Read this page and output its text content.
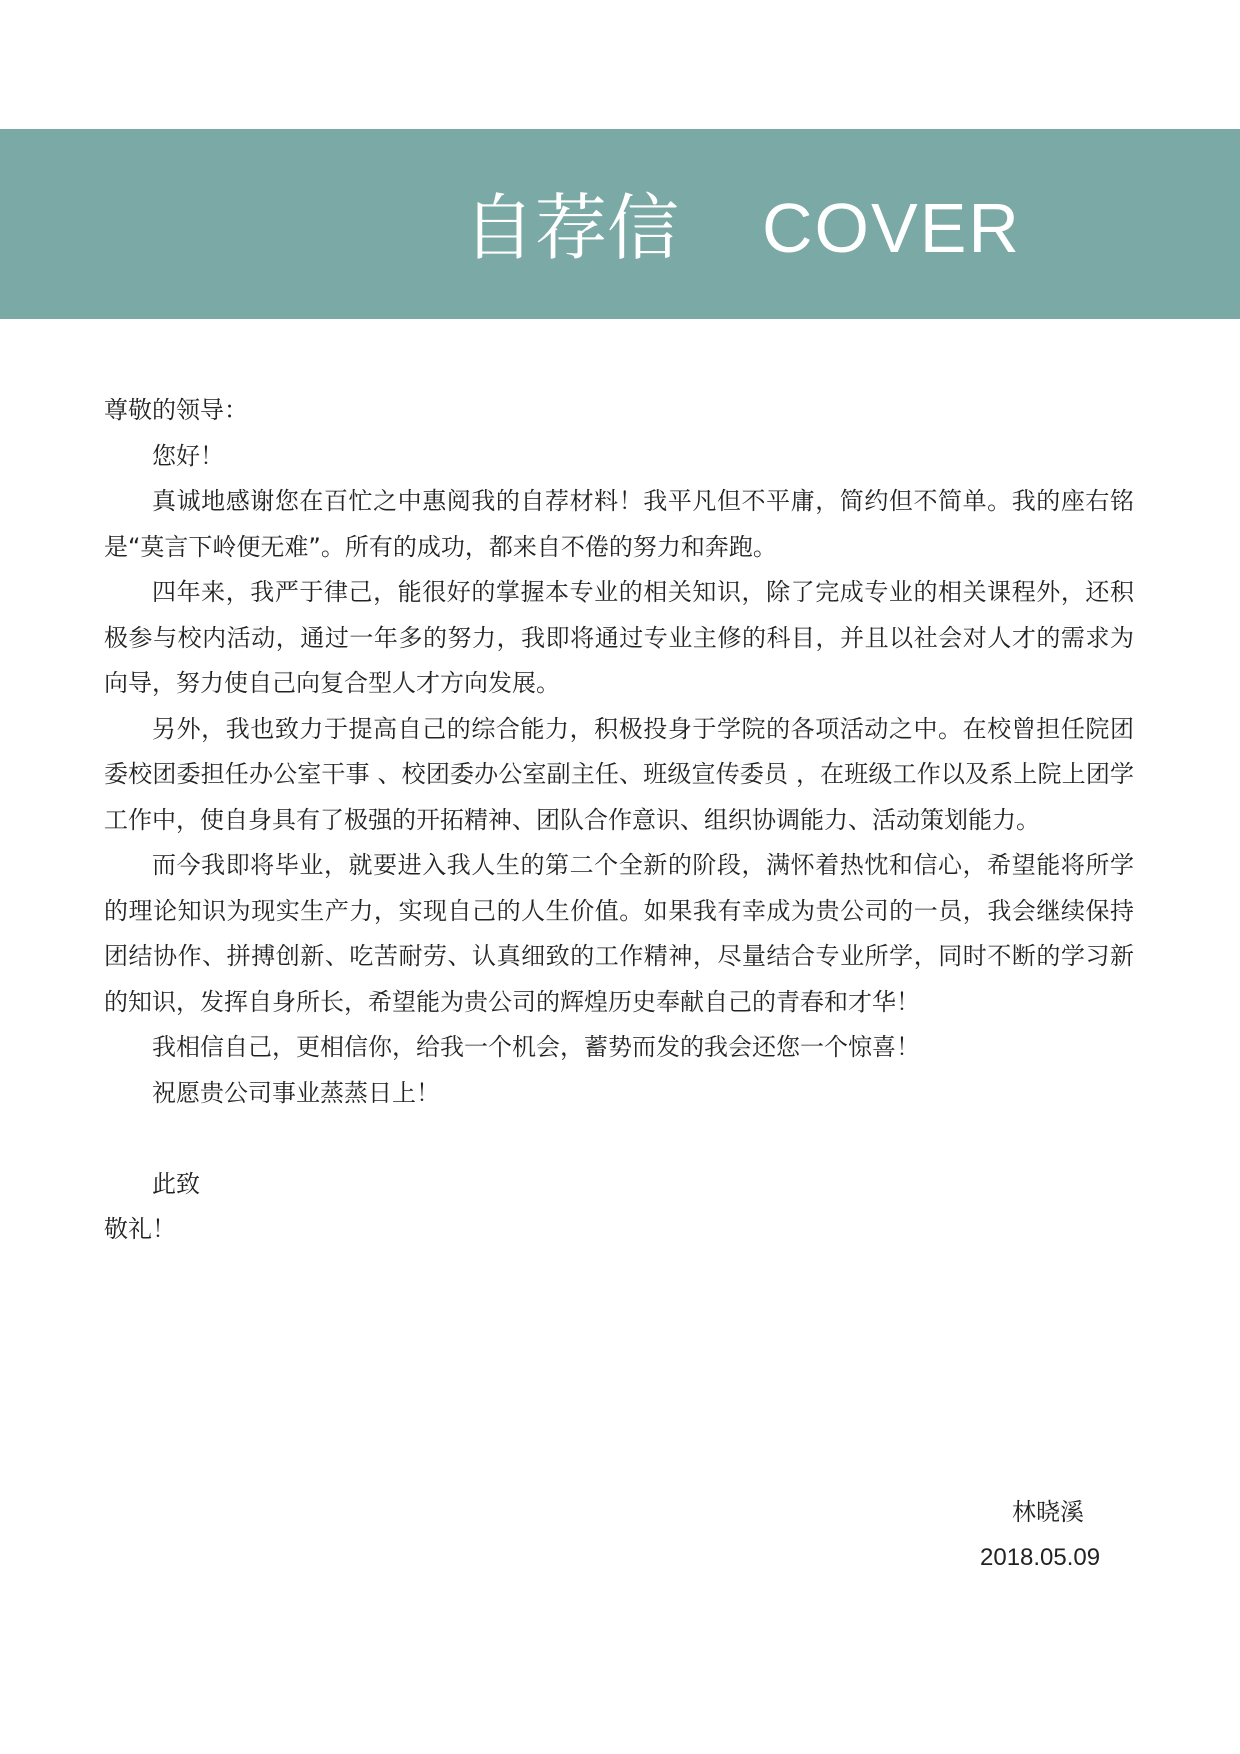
自荐信 COVER

尊敬的领导：

您好！

真诚地感谢您在百忙之中惠阅我的自荐材料！我平凡但不平庸，简约但不简单。我的座右铭是“莫言下岭便无难”。所有的成功，都来自不倦的努力和奔跑。

四年来，我严于律己，能很好的掌握本专业的相关知识，除了完成专业的相关课程外，还积极参与校内活动，通过一年多的努力，我即将通过专业主修的科目，并且以社会对人才的需求为向导，努力使自己向复合型人才方向发展。

另外，我也致力于提高自己的综合能力，积极投身于学院的各项活动之中。在校曾担任院团委校团委担任办公室干事 、校团委办公室副主任、班级宣传委员 ，在班级工作以及系上院上团学工作中，使自身具有了极强的开拓精神、团队合作意识、组织协调能力、活动策划能力。

而今我即将毕业，就要进入我人生的第二个全新的阶段，满怀着热忱和信心，希望能将所学的理论知识为现实生产力，实现自己的人生价值。如果我有幸成为贵公司的一员，我会继续保持团结协作、拼搏创新、吃苦耐劳、认真细致的工作精神，尽量结合专业所学，同时不断的学习新的知识，发挥自身所长，希望能为贵公司的辉煌历史奉献自己的青春和才华！

我相信自己，更相信你，给我一个机会，蓄势而发的我会还您一个惊喜！

祝愿贵公司事业蒸蒸日上！

此致

敬礼！

林晓溪
2018.05.09
